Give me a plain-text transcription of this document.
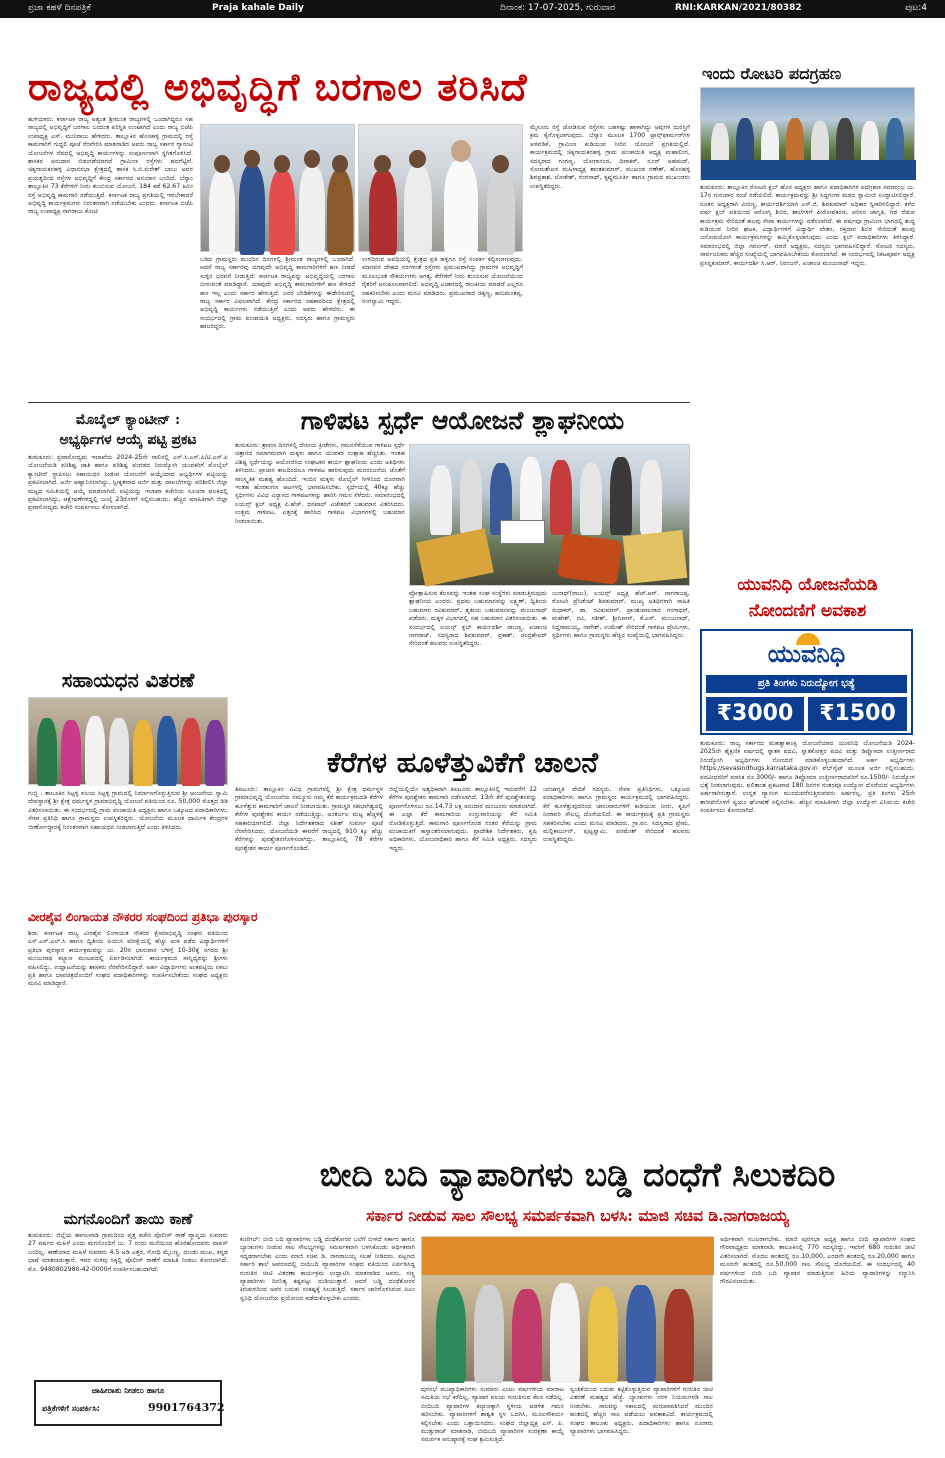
ಪ್ರಜಾ ಕಹಳೆ ದಿನಪತ್ರಿಕೆ	Praja kahale Daily	ದಿನಾಂಕ: 17-07-2025, ಗುರುವಾರ	RNI:KARKAN/2021/80382	ಪುಟ:4
ರಾಜ್ಯದಲ್ಲಿ ಅಭಿವೃದ್ಧಿಗೆ ಬರಗಾಲ ತರಿಸಿದೆ	ಇಂದು ರೋಟರಿ ಪದಗ್ರಹಣ
ಹುಳಿಯಾರು: ಕರ್ನಾಟಕ ರಾಜ್ಯ ಅತ್ಯಂತ ಶ್ರೀಮಂತ ರಾಜ್ಯಗಳಲ್ಲಿ ಒಂದಾಗಿದ್ದರೂ ಸಹ ರಾಜ್ಯದಲ್ಲಿ ಅಭಿವೃದ್ಧಿಗೆ ಬರಗಾಲ ಬಂದಂತ ಪರಿಸ್ಥಿತಿ ಉಂಟಾಗಿದೆ ಎಂದು ರಾಜ್ಯ ಬಿಜೆಪಿ ಉಪಾಧ್ಯಕ್ಷ ಎಸ್. ಮುನಿರಾಜು ಹೇಳಿದರು. ತಾಲ್ಲೂಕಿನ ಹೊಸಹಳ್ಳಿ ಗ್ರಾಮದಲ್ಲಿ ರಸ್ತೆ ಕಾಮಗಾರಿಗೆ ಗುದ್ದಲಿ ಪೂಜೆ ನೆರವೇರಿಸಿ ಮಾತನಾಡಿದ ಅವರು ರಾಜ್ಯ ಸರ್ಕಾರ ಗ್ಯಾರಂಟಿ ಯೋಜನೆಗಳ ನೆಪದಲ್ಲಿ ಅಭಿವೃದ್ಧಿ ಕಾರ್ಯಗಳನ್ನು ಸಂಪೂರ್ಣವಾಗಿ ಸ್ಥಗಿತಗೊಳಿಸಿದೆ. ಶಾಸಕರ ಅನುದಾನ ಬಿಡುಗಡೆಯಾಗದೆ ಗ್ರಾಮೀಣ ರಸ್ತೆಗಳು ಹದಗೆಟ್ಟಿವೆ. ಚಿಕ್ಕನಾಯಕನಹಳ್ಳಿ ವಿಧಾನಸಭಾ ಕ್ಷೇತ್ರದಲ್ಲಿ ಶಾಸಕ ಸಿ.ಬಿ.ಸುರೇಶ್ ಬಾಬು ಅವರ ಪ್ರಯತ್ನದಿಂದ ರಸ್ತೆಗಳ ಅಭಿವೃದ್ಧಿಗೆ ಕೇಂದ್ರ ಸರ್ಕಾರದ ಅನುದಾನ ಬಂದಿದೆ. ಬೆಸ್ಕಾಂ ತಾಲ್ಲೂಕಿನ 73 ಕೆರೆಗಳಿಗೆ ನೀರು ತುಂಬಿಸುವ ಯೋಜನೆ, 184 ಕಡೆ 62.67 ಕಿಮೀ ರಸ್ತೆ ಅಭಿವೃದ್ಧಿ ಕಾಮಗಾರಿ ನಡೆಯುತ್ತಿದೆ. ಕರ್ನಾಟಕ ರಾಜ್ಯ ಪ್ರಗತಿಯಲ್ಲಿ ಇರಬೇಕಾದರೆ ಅಭಿವೃದ್ಧಿ ಕಾರ್ಯಕ್ರಮಗಳು ನಿರಂತರವಾಗಿ ನಡೆಯಬೇಕು ಎಂದರು. ಕರ್ನಾಟಕ ಬಿಜೆಪಿ ರಾಜ್ಯ ಉಪಾಧ್ಯಕ್ಷ ನಾಗರಾಜು ಕೋಟಿ
ಬಡಿದ ಗ್ರಾಮಸ್ಥರು ಮುಂದಿನ ದಿನಗಳಲ್ಲಿ ಶ್ರೀಮಂತ ರಾಜ್ಯಗಳಲ್ಲಿ ಒಂದಾಗಿದೆ. ಆದರೆ ರಾಜ್ಯ ಸರ್ಕಾರವು ಯಾವುದೇ ಅಭಿವೃದ್ಧಿ ಕಾಮಗಾರಿಗಳಿಗೆ ಹಣ ನೀಡದೆ ಸುಳ್ಳಿನ ಭರವಸೆ ನೀಡುತ್ತಿದೆ. ಕರ್ನಾಟಕ ರಾಜ್ಯವನ್ನು ಅಭಿವೃದ್ಧಿಯಲ್ಲಿ ಬರಗಾಲ ಬೀಳುವಂತೆ ಮಾಡಿದ್ದಾರೆ. ಯಾವುದೇ ಅಭಿವೃದ್ಧಿ ಕಾಮಗಾರಿಗಳಿಗೆ ಹಣ ಕೇಳಿದರೆ ಹಣ ಇಲ್ಲ ಎಂದು ಸರ್ಕಾರ ಹೇಳುತ್ತಿದೆ. ಜನರ ಬೇಡಿಕೆಗಳನ್ನು ಈಡೇರಿಸುವಲ್ಲಿ ರಾಜ್ಯ ಸರ್ಕಾರ ವಿಫಲವಾಗಿದೆ. ಕೇಂದ್ರ ಸರ್ಕಾರದ ಸಹಕಾರದಿಂದ ಕ್ಷೇತ್ರದಲ್ಲಿ ಅಭಿವೃದ್ಧಿ ಕಾರ್ಯಗಳು ನಡೆಯುತ್ತಿವೆ ಎಂದು ಅವರು ಹೇಳಿದರು. ಈ ಸಂದರ್ಭದಲ್ಲಿ ಗ್ರಾಮ ಪಂಚಾಯಿತಿ ಅಧ್ಯಕ್ಷರು, ಸದಸ್ಯರು ಹಾಗೂ ಗ್ರಾಮಸ್ಥರು ಹಾಜರಿದ್ದರು.
ಉಳಿದಿರುವ ಅವಧಿಯಲ್ಲಿ ಕ್ಷೇತ್ರದ ಪ್ರತಿ ಹಳ್ಳಿಗೂ ರಸ್ತೆ ಸಂಪರ್ಕ ಕಲ್ಪಿಸಲಾಗುವುದು. ಮಾನವನ ದೇಹದ ನರಗಳಂತೆ ರಸ್ತೆಗಳು ಪ್ರಮುಖವಾಗಿದ್ದು ಗ್ರಾಮಗಳ ಅಭಿವೃದ್ಧಿಗೆ ಮೂಲಭೂತ ಸೌಕರ್ಯಗಳು ಅಗತ್ಯ. ಕೆರೆಗಳಿಗೆ ನೀರು ತುಂಬಿಸುವ ಯೋಜನೆಯಿಂದ ರೈತರಿಗೆ ಅನುಕೂಲವಾಗಲಿದೆ. ಅಭಿವೃದ್ಧಿ ವಿಚಾರದಲ್ಲಿ ರಾಜಕೀಯ ಮಾಡದೆ ಎಲ್ಲರೂ ಸಹಕರಿಸಬೇಕು ಎಂದು ಮನವಿ ಮಾಡಿದರು. ಪ್ರಮುಖರಾದ ಚಿಕ್ಕಣ್ಣ, ಹನುಮಂತಪ್ಪ, ರಂಗಸ್ವಾಮಿ ಇದ್ದರು.
ಮೈಸೂರು ರಸ್ತೆ ಜೋಡಿಸುವ ರಸ್ತೆಗಳು ಬಹಳಷ್ಟು ಹಾಳಾಗಿದ್ದು ಅವುಗಳ ದುರಸ್ತಿಗೆ ಕ್ರಮ ಕೈಗೊಳ್ಳಲಾಗುವುದು. ಬೆಸ್ಕಾಂ ಮೂಲಕ 1700 ಟ್ರಾನ್ಸ್‌ಫಾರ್ಮರ್‌ಗಳ ಅಳವಡಿಕೆ, ಗ್ರಾಮೀಣ ಕುಡಿಯುವ ನೀರಿನ ಯೋಜನೆ ಪ್ರಗತಿಯಲ್ಲಿದೆ. ಕಾರ್ಯಕ್ರಮದಲ್ಲಿ ಚಿಕ್ಕನಾಯಕನಹಳ್ಳಿ ಗ್ರಾಮ ಪಂಚಾಯಿತಿ ಅಧ್ಯಕ್ಷ ಮಹಾಲಿಂಗ, ಸದಸ್ಯರಾದ ಗಂಗಣ್ಣ, ಯೋಗಾನಂದ, ದಿವಾಕರ್, ನೂರ್ ಅಹಮದ್, ಸೋಮಶೇಖರ ಮಹಿಳಾಧ್ಯಕ್ಷ ಶಾಂತಕುಮಾರ್, ಮುಖಂಡ ಗಣೇಶ್, ಹೊಸಹಳ್ಳಿ ಶಿವಪ್ರಕಾಶ, ಲೋಕೇಶ್, ರಂಗನಾಥ್, ಕೃಷ್ಣಮೂರ್ತಿ ಹಾಗೂ ಗ್ರಾಮದ ಮುಖಂಡರು ಉಪಸ್ಥಿತರಿದ್ದರು.	ತುಮಕೂರು: ತಾಲ್ಲೂಕಿನ ರೋಟರಿ ಕ್ಲಬ್ ಹೊಸ ಅಧ್ಯಕ್ಷರು ಹಾಗೂ ಪದಾಧಿಕಾರಿಗಳ ಪದಗ್ರಹಣ ಸಮಾರಂಭ ಜು. 17ರ ಗುರುವಾರ ಸಂಜೆ ನಡೆಯಲಿದೆ. ಕಾರ್ಯಕ್ರಮವನ್ನು ಶ್ರೀ ಸಿದ್ಧಗಂಗಾ ಮಠದ ಸ್ವಾಮೀಜಿ ಉದ್ಘಾಟಿಸಲಿದ್ದಾರೆ. ನೂತನ ಅಧ್ಯಕ್ಷರಾಗಿ ವೀರಣ್ಣ, ಕಾರ್ಯದರ್ಶಿಯಾಗಿ ಎಸ್.ಜಿ. ಶಿವಕುಮಾರ್ ಅಧಿಕಾರ ಸ್ವೀಕರಿಸಲಿದ್ದಾರೆ. ಕಳೆದ ವರ್ಷ ಕ್ಲಬ್ ವತಿಯಿಂದ ಆರೋಗ್ಯ ಶಿಬಿರ, ಶಾಲೆಗಳಿಗೆ ಪೀಠೋಪಕರಣ, ಪರಿಸರ ಜಾಗೃತಿ, ಗಿಡ ನೆಡುವ ಕಾರ್ಯಕ್ರಮ ಸೇರಿದಂತೆ ಹಲವು ಸೇವಾ ಕಾರ್ಯಗಳನ್ನು ನಡೆಸಲಾಗಿದೆ. ಈ ವರ್ಷವೂ ಗ್ರಾಮೀಣ ಭಾಗದಲ್ಲಿ ಶುದ್ಧ ಕುಡಿಯುವ ನೀರಿನ ಘಟಕ, ವಿದ್ಯಾರ್ಥಿಗಳಿಗೆ ವಿದ್ಯಾರ್ಥಿ ವೇತನ, ರಕ್ತದಾನ ಶಿಬಿರ ಸೇರಿದಂತೆ ಹಲವು ಜನೋಪಯೋಗಿ ಕಾರ್ಯಕ್ರಮಗಳನ್ನು ಹಮ್ಮಿಕೊಳ್ಳಲಾಗುವುದು ಎಂದು ಕ್ಲಬ್ ಪದಾಧಿಕಾರಿಗಳು ತಿಳಿಸಿದ್ದಾರೆ. ಸಮಾರಂಭದಲ್ಲಿ ಜಿಲ್ಲಾ ಗವರ್ನರ್, ಮಾಜಿ ಅಧ್ಯಕ್ಷರು, ಸದಸ್ಯರು ಭಾಗವಹಿಸಲಿದ್ದಾರೆ. ರೋಟರಿ ಸದಸ್ಯರು, ಸಾರ್ವಜನಿಕರು ಹೆಚ್ಚಿನ ಸಂಖ್ಯೆಯಲ್ಲಿ ಭಾಗವಹಿಸಬೇಕೆಂದು ಕೋರಲಾಗಿದೆ. ಈ ಸಂದರ್ಭದಲ್ಲಿ ನಿಕಟಪೂರ್ವ ಅಧ್ಯಕ್ಷ ಪ್ರಸನ್ನಕುಮಾರ್, ಕಾರ್ಯದರ್ಶಿ ಸಿ.ಆರ್. ನಿರಂಜನ್, ಖಜಾಂಚಿ ಮಂಜುನಾಥ್ ಇದ್ದರು.
ಮೊಬೈಲ್ ಕ್ಯಾಂಟೀನ್ :
ಅಭ್ಯರ್ಥಿಗಳ ಆಯ್ಕೆ ಪಟ್ಟಿ ಪ್ರಕಟ
ತುಮಕೂರು: ಪ್ರವಾಸೋದ್ಯಮ ಇಲಾಖೆಯ 2024-25ನೇ ಸಾಲಿನಲ್ಲಿ ಎಸ್.ಸಿ.ಎಸ್.ಪಿ/ಟಿ.ಎಸ್.ಪಿ ಯೋಜನೆಯಡಿ ಪರಿಶಿಷ್ಟ ಜಾತಿ ಹಾಗೂ ಪರಿಶಿಷ್ಟ ಪಂಗಡದ ನಿರುದ್ಯೋಗಿ ಯುವಕರಿಗೆ ಮೊಬೈಲ್ ಕ್ಯಾಂಟೀನ್ ಸ್ಥಾಪಿಸಲು ಸಹಾಯಧನ ನೀಡುವ ಯೋಜನೆಗೆ ಆಯ್ಕೆಯಾದ ಅಭ್ಯರ್ಥಿಗಳ ಪಟ್ಟಿಯನ್ನು ಪ್ರಕಟಿಸಲಾಗಿದೆ. ಅರ್ಜಿ ಆಹ್ವಾನಿಸಲಾಗಿದ್ದು, ಸ್ವೀಕೃತವಾದ ಅರ್ಜಿ ಮತ್ತು ದಾಖಲೆಗಳನ್ನು ಪರಿಶೀಲಿಸಿ ಜಿಲ್ಲಾ ಮಟ್ಟದ ಸಮಿತಿಯಲ್ಲಿ ಆಯ್ಕೆ ಮಾಡಲಾಗಿದೆ. ಪಟ್ಟಿಯನ್ನು ಇಲಾಖಾ ಕಚೇರಿಯ ಸೂಚನಾ ಫಲಕದಲ್ಲಿ ಪ್ರಕಟಿಸಲಾಗಿದ್ದು, ಆಕ್ಷೇಪಣೆಗಳಿದ್ದಲ್ಲಿ ಜುಲೈ 23ರೊಳಗೆ ಸಲ್ಲಿಸಬಹುದು. ಹೆಚ್ಚಿನ ಮಾಹಿತಿಗಾಗಿ ಜಿಲ್ಲಾ ಪ್ರವಾಸೋದ್ಯಮ ಕಚೇರಿ ಸಂಪರ್ಕಿಸಲು ಕೋರಲಾಗಿದೆ.
ಗಾಳಿಪಟ ಸ್ಪರ್ಧೆ ಆಯೋಜನೆ ಶ್ಲಾಘನೀಯ
ತುಮಕೂರು: ಶ್ರಾವಣ ದಿನಗಳಲ್ಲಿ ದೇಸೀಯ ಕ್ರೀಡೆಗಳು, ಗಮನಸೆಳೆಯುವ ಗಾಳಿಪಟ ಸ್ಪರ್ಧೆ ಚಿತ್ತಾರದ ಸಮಾಗಮವಾಗಿ ಮಕ್ಕಳು ಹಾಗೂ ಯುವಕರ ಉತ್ಸಾಹ ಹೆಚ್ಚಿಸಿತು. ಇಂತಹ ವಿಶಿಷ್ಟ ಸ್ಪರ್ಧೆಯನ್ನು ಆಯೋಜಿಸಿದ ಸಂಘಟಕರ ಕಾರ್ಯ ಶ್ಲಾಘನೀಯ ಎಂದು ಅತಿಥಿಗಳು ತಿಳಿಸಿದರು. ಪ್ರಾಚೀನ ಕಾಲದಿಂದಲೂ ಗಾಳಿಪಟ ಹಾರಿಸುವುದು ಮನರಂಜನೆಯ ಜೊತೆಗೆ ಸಾಂಸ್ಕೃತಿಕ ಮಹತ್ವ ಹೊಂದಿದೆ. ಇಂದಿನ ಮಕ್ಕಳು ಮೊಬೈಲ್ ಗೀಳಿನಿಂದ ದೂರವಾಗಿ ಇಂತಹ ಹೊರಾಂಗಣ ಆಟಗಳಲ್ಲಿ ಭಾಗವಹಿಸಬೇಕು. ಸ್ಪರ್ಧೆಯಲ್ಲಿ 40ಕ್ಕೂ ಹೆಚ್ಚು ಸ್ಪರ್ಧಿಗಳು ವಿವಿಧ ವಿನ್ಯಾಸದ ಗಾಳಿಪಟಗಳನ್ನು ಹಾರಿಸಿ ಗಮನ ಸೆಳೆದರು. ಸಮಾರಂಭದಲ್ಲಿ ಲಯನ್ಸ್ ಕ್ಲಬ್ ಅಧ್ಯಕ್ಷ ಪಿ.ಹೆಚ್. ಧನಪಾಲ್ ವಿಜೇತರಿಗೆ ಬಹುಮಾನ ವಿತರಿಸಿದರು. ಉತ್ತಮ ಗಾಳಿಪಟ, ಎತ್ತರಕ್ಕೆ ಹಾರಿಸಿದ ಗಾಳಿಪಟ ವಿಭಾಗಗಳಲ್ಲಿ ಬಹುಮಾನ ನೀಡಲಾಯಿತು.
ಪ್ರೋತ್ಸಾಹಿಸುವ ಕೆಲಸವನ್ನು ಇಂತಹ ಸಂಘ ಸಂಸ್ಥೆಗಳು ಮಾಡುತ್ತಿರುವುದು ಶ್ಲಾಘನೀಯ ಎಂದರು. ಪ್ರಥಮ ಬಹುಮಾನವನ್ನು ಲಕ್ಷ್ಮಣ್, ದ್ವಿತೀಯ ಬಹುಮಾನ ರವಿಕುಮಾರ್, ತೃತೀಯ ಬಹುಮಾನವನ್ನು ಮಂಜುನಾಥ್ ಪಡೆದರು. ಮಕ್ಕಳ ವಿಭಾಗದಲ್ಲಿ ಸಹ ಬಹುಮಾನ ವಿತರಿಸಲಾಯಿತು. ಈ ಸಂದರ್ಭದಲ್ಲಿ ಲಯನ್ಸ್ ಕ್ಲಬ್ ಕಾರ್ಯದರ್ಶಿ ರಾಜಣ್ಣ, ಖಜಾಂಚಿ ನಾಗರಾಜ್, ಸದಸ್ಯರಾದ ಶಿವಕುಮಾರ್, ಪ್ರಕಾಶ್, ಚಂದ್ರಶೇಖರ್ ಸೇರಿದಂತೆ ಹಲವರು ಉಪಸ್ಥಿತರಿದ್ದರು.
ಜುನಾಥ್(ರಾಜು), ಲಯನ್ಸ್ ಅಧ್ಯಕ್ಷ ಹೆಚ್.ಆರ್. ನಾಗರಾಜಪ್ಪ, ರೋಟರಿ ಪ್ರೆಸಿಡೆಂಟ್ ಶಿವಕುಮಾರ್, ಮುಖ್ಯ ಅತಿಥಿಗಳಾಗಿ ಸಾಹಿತಿ ಸುಧಾಕರ್, ಡಾ. ರವಿಕುಮಾರ್, ಪ್ರಾಂಶುಪಾಲರಾದ ಗಂಗಾಧರ್, ಮಹೇಶ್, ರವಿ, ಸತೀಶ್, ಶ್ರೀನಿವಾಸ್, ಕೆ.ಎಸ್. ಮಂಜುನಾಥ್, ಸಿದ್ದರಾಮಯ್ಯ, ನಾಗೇಶ್, ಉಮೇಶ್ ಸೇರಿದಂತೆ ಗಾಳಿಪಟ ಪ್ರೇಮಿಗಳು, ಸ್ಪರ್ಧಿಗಳು ಹಾಗೂ ಗ್ರಾಮಸ್ಥರು ಹೆಚ್ಚಿನ ಸಂಖ್ಯೆಯಲ್ಲಿ ಭಾಗವಹಿಸಿದ್ದರು.
ಸಹಾಯಧನ ವಿತರಣೆ
ಗುಬ್ಬಿ : ತಾಲೂಕಿನ ಸಿಟ್ಟಳ್ಳಿ ವಲಯ ಸಿಟ್ಟಳ್ಳಿ ಗ್ರಾಮದಲ್ಲಿ ನಿರ್ಮಾಣಗೊಳ್ಳುತ್ತಿರುವ ಶ್ರೀ ಆಂಜನೇಯ ಸ್ವಾಮಿ ದೇವಸ್ಥಾನಕ್ಕೆ ಶ್ರೀ ಕ್ಷೇತ್ರ ಧರ್ಮಸ್ಥಳ ಗ್ರಾಮಾಭಿವೃದ್ಧಿ ಯೋಜನೆ ವತಿಯಿಂದ ರೂ. 50,000 ಮೊತ್ತದ ಡಿಡಿ ವಿತರಿಸಲಾಯಿತು. ಈ ಸಂದರ್ಭದಲ್ಲಿ ಗ್ರಾಮ ಪಂಚಾಯಿತಿ ಅಧ್ಯಕ್ಷರು ಹಾಗೂ ಒಕ್ಕೂಟದ ಪದಾಧಿಕಾರಿಗಳು, ಸೇವಾ ಪ್ರತಿನಿಧಿ ಹಾಗೂ ಗ್ರಾಮಸ್ಥರು ಉಪಸ್ಥಿತರಿದ್ದರು. ಯೋಜನೆಯ ಮೂಲಕ ಧಾರ್ಮಿಕ ಕೇಂದ್ರಗಳ ಜೀರ್ಣೋದ್ಧಾರಕ್ಕೆ ನಿರಂತರವಾಗಿ ಸಹಾಯಧನ ನೀಡಲಾಗುತ್ತಿದೆ ಎಂದು ತಿಳಿಸಿದರು.
ವೀರಶೈವ ಲಿಂಗಾಯತ ನೌಕರರ ಸಂಘದಿಂದ ಪ್ರತಿಭಾ ಪುರಸ್ಕಾರ
ಶಿರಾ: ಕರ್ನಾಟಕ ರಾಜ್ಯ ವೀರಶೈವ ಲಿಂಗಾಯತ ನೌಕರರ ಕ್ಷೇಮಾಭಿವೃದ್ಧಿ ಸಂಘದ ವತಿಯಿಂದ ಎಸ್.ಎಸ್.ಎಲ್.ಸಿ ಹಾಗೂ ದ್ವಿತೀಯ ಪಿಯುಸಿ ಪರೀಕ್ಷೆಯಲ್ಲಿ ಹೆಚ್ಚು ಅಂಕ ಪಡೆದ ವಿದ್ಯಾರ್ಥಿಗಳಿಗೆ ಪ್ರತಿಭಾ ಪುರಸ್ಕಾರ ಕಾರ್ಯಕ್ರಮವನ್ನು ಜು. 20ರ ಭಾನುವಾರ ಬೆಳಿಗ್ಗೆ 10-30ಕ್ಕೆ ನಗರದ ಶ್ರೀ ಮಂಜುನಾಥ ಕಲ್ಯಾಣ ಮಂಟಪದಲ್ಲಿ ಏರ್ಪಡಿಸಲಾಗಿದೆ. ಕಾರ್ಯಕ್ರಮದ ಸಾನ್ನಿಧ್ಯವನ್ನು ಶ್ರೀಗಳು ವಹಿಸಲಿದ್ದು, ಉದ್ಘಾಟನೆಯನ್ನು ಶಾಸಕರು ನೆರವೇರಿಸಲಿದ್ದಾರೆ. ಅರ್ಹ ವಿದ್ಯಾರ್ಥಿಗಳು ಅಂಕಪಟ್ಟಿಯ ನಕಲು ಪ್ರತಿ ಹಾಗೂ ಭಾವಚಿತ್ರದೊಂದಿಗೆ ಸಂಘದ ಪದಾಧಿಕಾರಿಗಳನ್ನು ಸಂಪರ್ಕಿಸಬೇಕೆಂದು ಸಂಘದ ಅಧ್ಯಕ್ಷರು ಮನವಿ ಮಾಡಿದ್ದಾರೆ.
ಮಗನೊಂದಿಗೆ ತಾಯಿ ಕಾಣೆ
ತುಮಕೂರು: ಜಿಲ್ಲೆಯ ಹಾಗಲವಾಡಿ ಗ್ರಾಮದಿಂದ ವೃತ್ತ ಕಚೇರಿ ಪೊಲೀಸ್ ಠಾಣೆ ವ್ಯಾಪ್ತಿಯ ಸುಮಾರು 27 ವರ್ಷದ ಮಹಿಳೆ ಎಂದು ಮಗನೊಂದಿಗೆ ಜು. 7 ರಂದು ಮನೆಯಿಂದ ಹೊರಹೋದವರು ವಾಪಸ್ ಬಂದಿಲ್ಲ. ಕಾಣೆಯಾದ ಮಹಿಳೆ ಸುಮಾರು 4.5 ಅಡಿ ಎತ್ತರ, ಗೋಧಿ ಮೈಬಣ್ಣ, ದುಂಡು ಮುಖ, ಕನ್ನಡ ಭಾಷೆ ಮಾತನಾಡುತ್ತಾರೆ. ಇವರ ಸುಳಿವು ಸಿಕ್ಕಲ್ಲಿ ಪೊಲೀಸ್ ಠಾಣೆಗೆ ಮಾಹಿತಿ ನೀಡಲು ಕೋರಲಾಗಿದೆ. ಮೊ. 9480802980-42-0000ಗೆ ಸಂಪರ್ಕಿಸಬಹುದಾಗಿದೆ.
ಜಾಹೀರಾತು ನೀಡಲು ಹಾಗೂ
ಪತ್ರಿಕೆಗಳಿಗೆ ಸಂಪರ್ಕಿಸಿ:	9901764372
ಯುವನಿಧಿ ಯೋಜನೆಯಡಿ
ನೋಂದಣಿಗೆ ಅವಕಾಶ
ಯುವನಿಧಿ
ಪ್ರತಿ ತಿಂಗಳು ನಿರುದ್ಯೋಗ ಭತ್ಯೆ
₹3000	₹1500
ತುಮಕೂರು: ರಾಜ್ಯ ಸರ್ಕಾರದ ಮಹತ್ವಾಕಾಂಕ್ಷಿ ಯೋಜನೆಯಾದ ಯುವನಿಧಿ ಯೋಜನೆಯಡಿ 2024-2025ನೇ ಶೈಕ್ಷಣಿಕ ವರ್ಷದಲ್ಲಿ ಸ್ನಾತಕ ಪದವಿ, ಸ್ನಾತಕೋತ್ತರ ಪದವಿ ಮತ್ತು ಡಿಪ್ಲೋಮಾ ಉತ್ತೀರ್ಣರಾದ ನಿರುದ್ಯೋಗಿ ಅಭ್ಯರ್ಥಿಗಳು ನೋಂದಣಿ ಮಾಡಿಕೊಳ್ಳಬಹುದಾಗಿದೆ. ಅರ್ಹ ಅಭ್ಯರ್ಥಿಗಳು https://sevasindhugs.karnataka.gov.in ವೆಬ್‌ಸೈಟ್ ಮೂಲಕ ಅರ್ಜಿ ಸಲ್ಲಿಸಬಹುದು. ಪದವೀಧರರಿಗೆ ಮಾಸಿಕ ರೂ.3000/- ಹಾಗೂ ಡಿಪ್ಲೋಮಾ ಉತ್ತೀರ್ಣರಾದವರಿಗೆ ರೂ.1500/- ನಿರುದ್ಯೋಗ ಭತ್ಯೆ ನೀಡಲಾಗುವುದು. ಫಲಿತಾಂಶ ಪ್ರಕಟವಾದ 180 ದಿನಗಳ ನಂತರವೂ ಉದ್ಯೋಗ ದೊರೆಯದ ಅಭ್ಯರ್ಥಿಗಳು ಅರ್ಹರಾಗಿರುತ್ತಾರೆ. ಉನ್ನತ ವ್ಯಾಸಂಗ ಮುಂದುವರೆಸುತ್ತಿರುವವರು ಅರ್ಹರಲ್ಲ. ಪ್ರತಿ ತಿಂಗಳು 25ನೇ ತಾರೀಖಿನೊಳಗೆ ಸ್ವಯಂ ಘೋಷಣೆ ಸಲ್ಲಿಸಬೇಕು. ಹೆಚ್ಚಿನ ಮಾಹಿತಿಗಾಗಿ ಜಿಲ್ಲಾ ಉದ್ಯೋಗ ವಿನಿಮಯ ಕಚೇರಿ ಸಂಪರ್ಕಿಸಲು ಕೋರಲಾಗಿದೆ.
ಕೆರೆಗಳ ಹೂಳೆತ್ತುವಿಕೆಗೆ ಚಾಲನೆ
ತಿಪಟೂರು: ತಾಲ್ಲೂಕಿನ ವಿವಿಧ ಗ್ರಾಮಗಳಲ್ಲಿ ಶ್ರೀ ಕ್ಷೇತ್ರ ಧರ್ಮಸ್ಥಳ ಗ್ರಾಮಾಭಿವೃದ್ಧಿ ಯೋಜನೆಯ ನಮ್ಮೂರು ನಮ್ಮ ಕೆರೆ ಕಾರ್ಯಕ್ರಮದಡಿ ಕೆರೆಗಳ ಹೂಳೆತ್ತುವ ಕಾಮಗಾರಿಗೆ ಚಾಲನೆ ನೀಡಲಾಯಿತು. ಗ್ರಾಮಸ್ಥರ ಸಹಭಾಗಿತ್ವದಲ್ಲಿ ಕೆರೆಗಳ ಪುನಶ್ಚೇತನ ಕಾರ್ಯ ನಡೆಯುತ್ತಿದ್ದು, ಅಂತರ್ಜಲ ಮಟ್ಟ ಹೆಚ್ಚಳಕ್ಕೆ ಸಹಕಾರಿಯಾಗಲಿದೆ. ಜಿಲ್ಲಾ ನಿರ್ದೇಶಕರಾದ ಸತೀಶ್ ಸುವರ್ಣ ಪೂಜೆ ನೆರವೇರಿಸಿದರು. ಯೋಜನೆಯಡಿ ಈವರೆಗೆ ರಾಜ್ಯದಲ್ಲಿ 910 ಕ್ಕೂ ಹೆಚ್ಚು ಕೆರೆಗಳನ್ನು ಪುನಶ್ಚೇತನಗೊಳಿಸಲಾಗಿದ್ದು, ತಾಲ್ಲೂಕಿನಲ್ಲಿ 78 ಕೆರೆಗಳ ಪುನಶ್ಚೇತನ ಕಾರ್ಯ ಪೂರ್ಣಗೊಂಡಿದೆ.
ಜಿಲ್ಲೆಯಲ್ಲಿಯೇ ಅತ್ಯಧಿಕವಾಗಿ ತಿಪಟೂರು ತಾಲ್ಲೂಕಿನಲ್ಲಿ ಇದುವರೆಗೆ 12 ಕೆರೆಗಳ ಪುನಶ್ಚೇತನ ಕಾಮಗಾರಿ ನಡೆಸಲಾಗಿದೆ. 13ನೇ ಕೆರೆ ಪುನಶ್ಚೇತನವನ್ನು ಪೂರ್ಣಗೊಳಿಸಲು ರೂ.14.73 ಲಕ್ಷ ಅನುದಾನ ಮಂಜೂರು ಮಾಡಲಾಗಿದೆ. ಈ ಎಲ್ಲಾ ಕೆರೆ ಕಾಮಗಾರಿಯ ಉಸ್ತುವಾರಿಯನ್ನು ಕೆರೆ ಸಮಿತಿ ನೋಡಿಕೊಳ್ಳುತ್ತಿದೆ. ಕಾಮಗಾರಿ ಪೂರ್ಣಗೊಂಡ ನಂತರ ಕೆರೆಯನ್ನು ಗ್ರಾಮ ಪಂಚಾಯಿತಿಗೆ ಹಸ್ತಾಂತರಿಸಲಾಗುವುದು. ಪ್ರಾದೇಶಿಕ ನಿರ್ದೇಶಕರು, ಕೃಷಿ ಅಧಿಕಾರಿಗಳು, ಯೋಜನಾಧಿಕಾರಿ ಹಾಗೂ ಕೆರೆ ಸಮಿತಿ ಅಧ್ಯಕ್ಷರು, ಸದಸ್ಯರು ಇದ್ದರು.
ಜನಜಾಗೃತಿ ವೇದಿಕೆ ಸದಸ್ಯರು, ಸೇವಾ ಪ್ರತಿನಿಧಿಗಳು, ಒಕ್ಕೂಟದ ಪದಾಧಿಕಾರಿಗಳು ಹಾಗೂ ಗ್ರಾಮಸ್ಥರು ಕಾರ್ಯಕ್ರಮದಲ್ಲಿ ಭಾಗವಹಿಸಿದ್ದರು. ಕೆರೆ ಹೂಳೆತ್ತುವುದರಿಂದ ಜಾನುವಾರುಗಳಿಗೆ ಕುಡಿಯುವ ನೀರು, ಕೃಷಿಗೆ ನೀರಾವರಿ ಸೌಲಭ್ಯ ದೊರೆಯಲಿದೆ. ಈ ಕಾರ್ಯಕ್ರಮಕ್ಕೆ ಪ್ರತಿ ಗ್ರಾಮಸ್ಥರು ಸಹಕರಿಸಬೇಕು ಎಂದು ಮನವಿ ಮಾಡಿದರು. ಗ್ರಾ.ಪಂ. ಸದಸ್ಯರಾದ ಪ್ರೇಮ, ಮಲ್ಲಿಕಾರ್ಜುನ್, ಪುಟ್ಟಸ್ವಾಮಿ, ಪರಮೇಶ್ ಸೇರಿದಂತೆ ಹಲವರು ಉಪಸ್ಥಿತರಿದ್ದರು.
ಬೀದಿ ಬದಿ ವ್ಯಾಪಾರಿಗಳು ಬಡ್ಡಿ ದಂಧೆಗೆ ಸಿಲುಕದಿರಿ
ಸರ್ಕಾರ ನೀಡುವ ಸಾಲ ಸೌಲಭ್ಯ ಸಮರ್ಪಕವಾಗಿ ಬಳಸಿ: ಮಾಜಿ ಸಚಿವ ಡಿ.ನಾಗರಾಜಯ್ಯ
ಕುಣಿಗಲ್: ಬೀದಿ ಬದಿ ವ್ಯಾಪಾರಿಗಳು ಬಡ್ಡಿ ದಂಧೆಕೋರರ ಬಲೆಗೆ ಬೀಳದೆ ಸರ್ಕಾರ ಹಾಗೂ ಬ್ಯಾಂಕುಗಳು ನೀಡುವ ಸಾಲ ಸೌಲಭ್ಯಗಳನ್ನು ಸಮರ್ಪಕವಾಗಿ ಬಳಸಿಕೊಂಡು ಆರ್ಥಿಕವಾಗಿ ಸದೃಢರಾಗಬೇಕು ಎಂದು ಮಾಜಿ ಸಚಿವ ಡಿ. ನಾಗರಾಜಯ್ಯ ಸಲಹೆ ನೀಡಿದರು. ಪಟ್ಟಣದ ಸರ್ಕಾರಿ ಶಾಲೆ ಆವರಣದಲ್ಲಿ ಬೀದಿಬದಿ ವ್ಯಾಪಾರಿಗಳ ಸಂಘದ ವತಿಯಿಂದ ಏರ್ಪಡಿಸಿದ್ದ ಗುರುತಿನ ಚೀಟಿ ವಿತರಣಾ ಕಾರ್ಯಕ್ರಮ ಉದ್ಘಾಟಿಸಿ ಮಾತನಾಡಿದ ಅವರು, ಸಣ್ಣ ವ್ಯಾಪಾರಿಗಳು ದಿನನಿತ್ಯ ಕಷ್ಟಪಟ್ಟು ದುಡಿಯುತ್ತಾರೆ. ಆದರೆ ಬಡ್ಡಿ ದಂಧೆಕೋರರ ಕಿರುಕುಳದಿಂದ ಅವರ ಬದುಕು ಸಂಕಷ್ಟಕ್ಕೆ ಸಿಲುಕುತ್ತಿದೆ. ಸರ್ಕಾರ ಜಾರಿಗೊಳಿಸಿರುವ ಪಿಎಂ ಸ್ವನಿಧಿ ಯೋಜನೆಯ ಪ್ರಯೋಜನ ಪಡೆದುಕೊಳ್ಳಬೇಕು ಎಂದರು.
ಪುರಸಭೆ ಮುಖ್ಯಾಧಿಕಾರಿಗಳು ಸುಮಾರು ಎಂಟು ವರ್ಷಗಳಿಂದ ಮಾರಾಟ ಸಮಿತಿಯ ಸಭೆ ಕರೆದಿಲ್ಲ. ವ್ಯಾಪಾರ ವಲಯ ಗುರುತಿಸುವ ಕೆಲಸ ನಡೆದಿಲ್ಲ. ಬೀದಿಬದಿ ವ್ಯಾಪಾರಿಗಳ ಕಲ್ಯಾಣಕ್ಕಾಗಿ ಸ್ಥಳೀಯ ಆಡಳಿತ ಗಮನ ಹರಿಸಬೇಕು. ವ್ಯಾಪಾರಿಗಳಿಗೆ ಶಾಶ್ವತ ಸ್ಥಳ ಒದಗಿಸಿ, ಮೂಲಸೌಕರ್ಯ ಕಲ್ಪಿಸಬೇಕು ಎಂದು ಒತ್ತಾಯಿಸಿದರು. ಸಂಘದ ಜಿಲ್ಲಾಧ್ಯಕ್ಷ ಎಸ್. ಪಿ. ಮುತ್ತುರಾಜ್ ಮಾತನಾಡಿ, ಬೀದಿಬದಿ ವ್ಯಾಪಾರಿಗಳ ಸಂರಕ್ಷಣಾ ಕಾಯ್ದೆ ಸಮರ್ಪಕ ಅನುಷ್ಠಾನಕ್ಕೆ ಸಂಘ ಶ್ರಮಿಸುತ್ತಿದೆ.
ಸ್ವಂತಿಕೆಯಿಂದ ಬದುಕು ಕಟ್ಟಿಕೊಳ್ಳುತ್ತಿರುವ ವ್ಯಾಪಾರಿಗಳಿಗೆ ಗುರುತಿನ ಚೀಟಿ ವಿತರಣೆ ಮಹತ್ವದ ಹೆಜ್ಜೆ. ಬ್ಯಾಂಕುಗಳು ಸರಳ ನಿಯಮಗಳಡಿ ಸಾಲ ನೀಡಬೇಕು. ಸಾಲವನ್ನು ಸಕಾಲದಲ್ಲಿ ಮರುಪಾವತಿಸಿದರೆ ಮುಂದಿನ ಹಂತದಲ್ಲಿ ಹೆಚ್ಚಿನ ಸಾಲ ಪಡೆಯಲು ಅವಕಾಶವಿದೆ. ಕಾರ್ಯಕ್ರಮದಲ್ಲಿ ಸಂಘದ ತಾಲೂಕು ಅಧ್ಯಕ್ಷರು, ಪದಾಧಿಕಾರಿಗಳು ಹಾಗೂ ನೂರಾರು ವ್ಯಾಪಾರಿಗಳು ಭಾಗವಹಿಸಿದ್ದರು.
ಅರ್ಥಿಕವಾಗಿ ಸಬಲರಾಗಬೇಕು. ಮಾಜಿ ಪುರಸಭಾ ಅಧ್ಯಕ್ಷ ಹಾಗೂ ಬೀದಿ ವ್ಯಾಪಾರಿಗಳ ಸಂಘದ ಗೌರವಾಧ್ಯಕ್ಷರು ಮಾತನಾಡಿ, ತಾಲೂಕಿನಲ್ಲಿ 770 ಸದಸ್ಯರಿದ್ದು, ಇವರಿಗೆ 680 ಗುರುತಿನ ಚೀಟಿ ವಿತರಿಸಲಾಗಿದೆ. ಮೊದಲ ಹಂತದಲ್ಲಿ ರೂ.10,000, ಎರಡನೇ ಹಂತದಲ್ಲಿ ರೂ.20,000 ಹಾಗೂ ಮೂರನೇ ಹಂತದಲ್ಲಿ ರೂ.50,000 ಸಾಲ ಸೌಲಭ್ಯ ದೊರೆಯಲಿದೆ. ಈ ಸಂದರ್ಭದಲ್ಲಿ 40 ವರ್ಷಗಳಿಂದ ಬೀದಿ ಬದಿ ವ್ಯಾಪಾರ ಮಾಡುತ್ತಿರುವ ಹಿರಿಯ ವ್ಯಾಪಾರಿಗಳನ್ನು ಸನ್ಮಾನಿಸಿ ಗೌರವಿಸಲಾಯಿತು.
